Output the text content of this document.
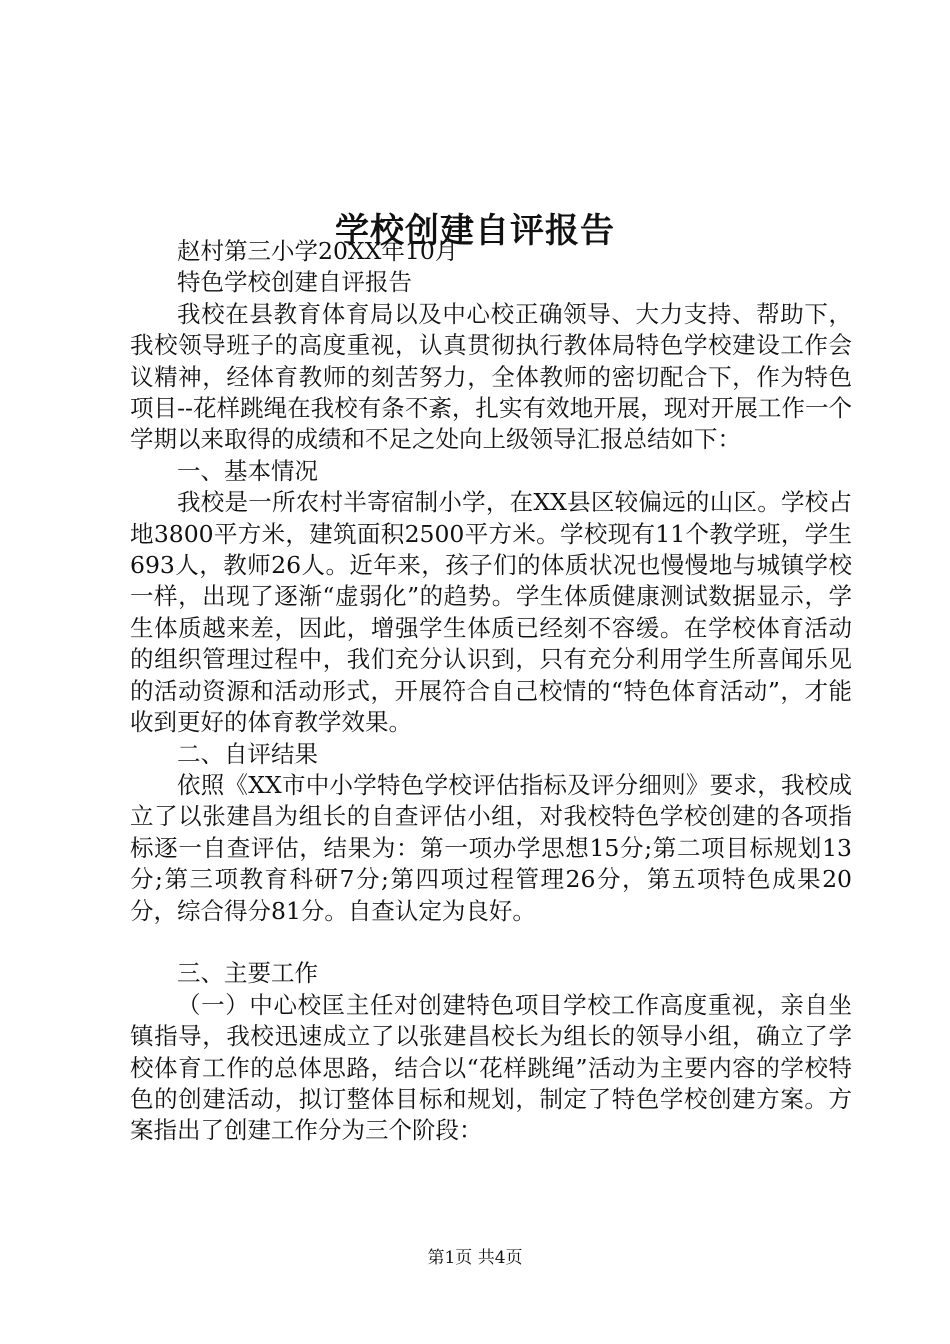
学校创建自评报告

赵村第三小学20XX年10月

特色学校创建自评报告

我校在县教育体育局以及中心校正确领导、大力支持、帮助下，我校领导班子的高度重视，认真贯彻执行教体局特色学校建设工作会议精神，经体育教师的刻苦努力，全体教师的密切配合下，作为特色项目--花样跳绳在我校有条不紊，扎实有效地开展，现对开展工作一个学期以来取得的成绩和不足之处向上级领导汇报总结如下：

一、基本情况

我校是一所农村半寄宿制小学，在XX县区较偏远的山区。学校占地3800平方米，建筑面积2500平方米。学校现有11个教学班，学生693人，教师26人。近年来，孩子们的体质状况也慢慢地与城镇学校一样，出现了逐渐“虚弱化”的趋势。学生体质健康测试数据显示，学生体质越来差，因此，增强学生体质已经刻不容缓。在学校体育活动的组织管理过程中，我们充分认识到，只有充分利用学生所喜闻乐见的活动资源和活动形式，开展符合自己校情的“特色体育活动”，才能收到更好的体育教学效果。

二、自评结果

依照《XX市中小学特色学校评估指标及评分细则》要求，我校成立了以张建昌为组长的自查评估小组，对我校特色学校创建的各项指标逐一自查评估，结果为：第一项办学思想15分;第二项目标规划13分;第三项教育科研7分;第四项过程管理26分，第五项特色成果20分，综合得分81分。自查认定为良好。

三、主要工作

（一）中心校匡主任对创建特色项目学校工作高度重视，亲自坐镇指导，我校迅速成立了以张建昌校长为组长的领导小组，确立了学校体育工作的总体思路，结合以“花样跳绳”活动为主要内容的学校特色的创建活动，拟订整体目标和规划，制定了特色学校创建方案。方案指出了创建工作分为三个阶段：

第1页 共4页
